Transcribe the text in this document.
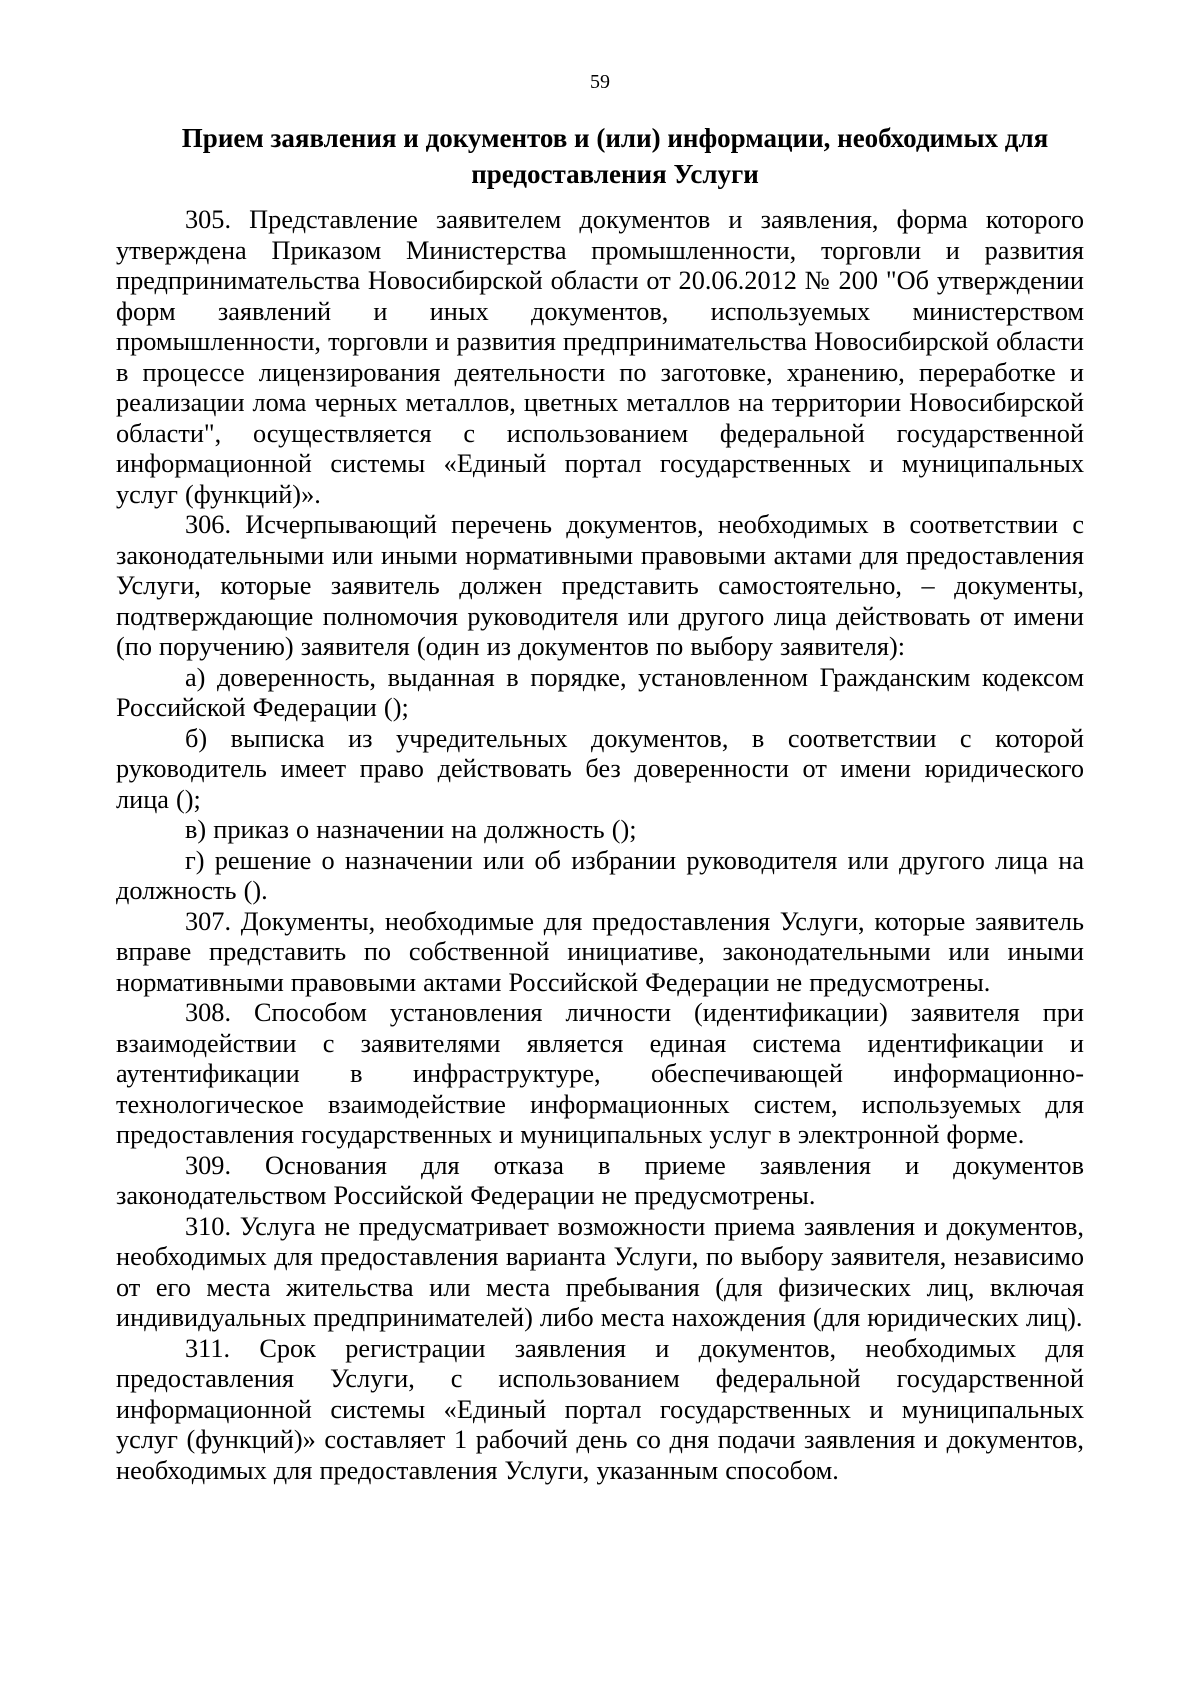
59
Прием заявления и документов и (или) информации, необходимых для предоставления Услуги

305. Представление заявителем документов и заявления, форма которого утверждена Приказом Министерства промышленности, торговли и развития предпринимательства Новосибирской области от 20.06.2012 № 200 "Об утверждении форм заявлений и иных документов, используемых министерством промышленности, торговли и развития предпринимательства Новосибирской области в процессе лицензирования деятельности по заготовке, хранению, переработке и реализации лома черных металлов, цветных металлов на территории Новосибирской области", осуществляется с использованием федеральной государственной информационной системы «Единый портал государственных и муниципальных услуг (функций)».

306. Исчерпывающий перечень документов, необходимых в соответствии с законодательными или иными нормативными правовыми актами для предоставления Услуги, которые заявитель должен представить самостоятельно, – документы, подтверждающие полномочия руководителя или другого лица действовать от имени (по поручению) заявителя (один из документов по выбору заявителя):

а) доверенность, выданная в порядке, установленном Гражданским кодексом Российской Федерации ();

б) выписка из учредительных документов, в соответствии с которой руководитель имеет право действовать без доверенности от имени юридического лица ();

в) приказ о назначении на должность ();

г) решение о назначении или об избрании руководителя или другого лица на должность ().

307. Документы, необходимые для предоставления Услуги, которые заявитель вправе представить по собственной инициативе, законодательными или иными нормативными правовыми актами Российской Федерации не предусмотрены.

308. Способом установления личности (идентификации) заявителя при взаимодействии с заявителями является единая система идентификации и аутентификации в инфраструктуре, обеспечивающей информационно-технологическое взаимодействие информационных систем, используемых для предоставления государственных и муниципальных услуг в электронной форме.

309. Основания для отказа в приеме заявления и документов законодательством Российской Федерации не предусмотрены.

310. Услуга не предусматривает возможности приема заявления и документов, необходимых для предоставления варианта Услуги, по выбору заявителя, независимо от его места жительства или места пребывания (для физических лиц, включая индивидуальных предпринимателей) либо места нахождения (для юридических лиц).

311. Срок регистрации заявления и документов, необходимых для предоставления Услуги, с использованием федеральной государственной информационной системы «Единый портал государственных и муниципальных услуг (функций)» составляет 1 рабочий день со дня подачи заявления и документов, необходимых для предоставления Услуги, указанным способом.
